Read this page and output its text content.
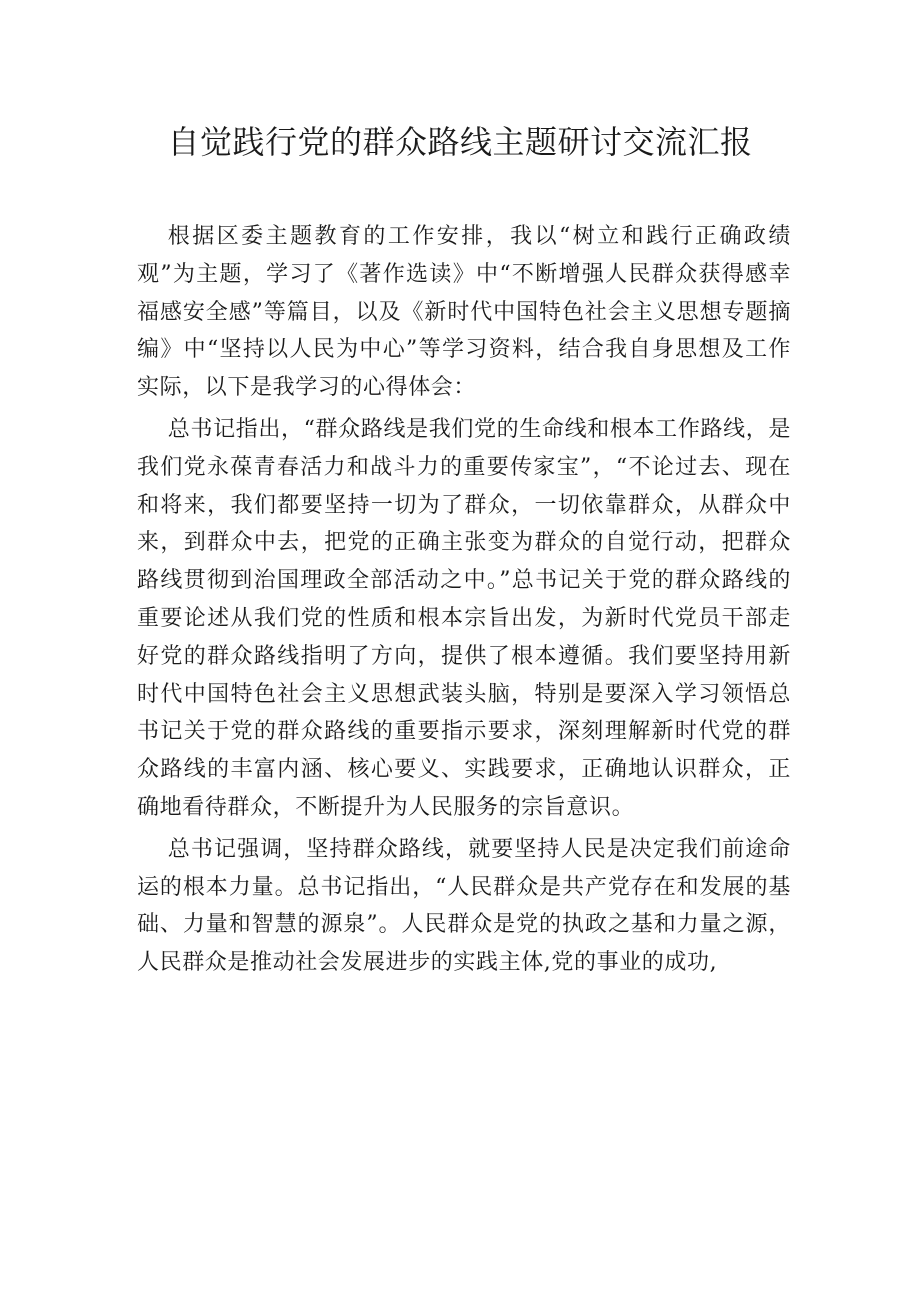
自觉践行党的群众路线主题研讨交流汇报

根据区委主题教育的工作安排，我以“树立和践行正确政绩观”为主题，学习了《著作选读》中“不断增强人民群众获得感幸福感安全感”等篇目，以及《新时代中国特色社会主义思想专题摘编》中“坚持以人民为中心”等学习资料，结合我自身思想及工作实际，以下是我学习的心得体会：

总书记指出，“群众路线是我们党的生命线和根本工作路线，是我们党永葆青春活力和战斗力的重要传家宝”，“不论过去、现在和将来，我们都要坚持一切为了群众，一切依靠群众，从群众中来，到群众中去，把党的正确主张变为群众的自觉行动，把群众路线贯彻到治国理政全部活动之中。”总书记关于党的群众路线的重要论述从我们党的性质和根本宗旨出发，为新时代党员干部走好党的群众路线指明了方向，提供了根本遵循。我们要坚持用新时代中国特色社会主义思想武装头脑，特别是要深入学习领悟总书记关于党的群众路线的重要指示要求，深刻理解新时代党的群众路线的丰富内涵、核心要义、实践要求，正确地认识群众，正确地看待群众，不断提升为人民服务的宗旨意识。

总书记强调，坚持群众路线，就要坚持人民是决定我们前途命运的根本力量。总书记指出，“人民群众是共产党存在和发展的基础、力量和智慧的源泉”。人民群众是党的执政之基和力量之源，人民群众是推动社会发展进步的实践主体,党的事业的成功,
